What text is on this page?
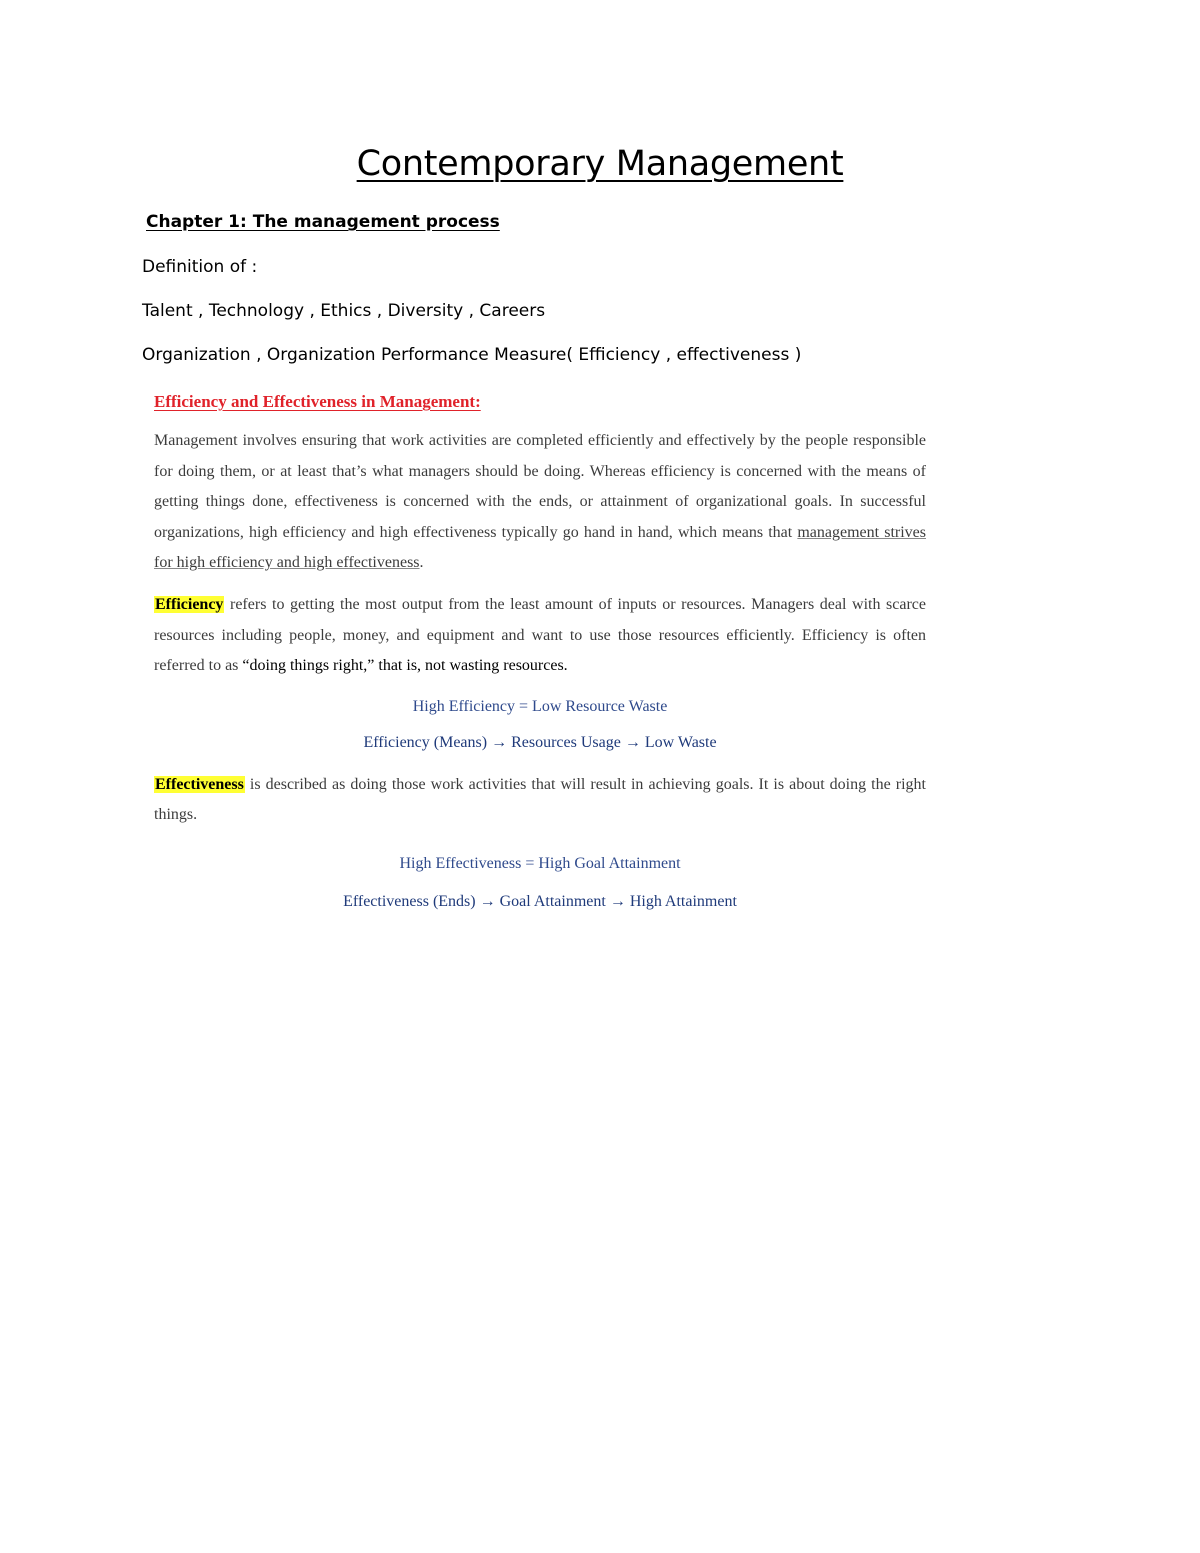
Contemporary Management
Chapter 1: The management process
Definition of :
Talent , Technology , Ethics , Diversity , Careers
Organization , Organization Performance Measure( Efficiency , effectiveness )
Efficiency and Effectiveness in Management:

Management involves ensuring that work activities are completed efficiently and effectively by the people responsible for doing them, or at least that’s what managers should be doing. Whereas efficiency is concerned with the means of getting things done, effectiveness is concerned with the ends, or attainment of organizational goals. In successful organizations, high efficiency and high effectiveness typically go hand in hand, which means that management strives for high efficiency and high effectiveness.

Efficiency refers to getting the most output from the least amount of inputs or resources. Managers deal with scarce resources including people, money, and equipment and want to use those resources efficiently. Efficiency is often referred to as “doing things right,” that is, not wasting resources.

High Efficiency = Low Resource Waste
Efficiency (Means) → Resources Usage → Low Waste

Effectiveness is described as doing those work activities that will result in achieving goals. It is about doing the right things.

High Effectiveness = High Goal Attainment
Effectiveness (Ends) → Goal Attainment → High Attainment
